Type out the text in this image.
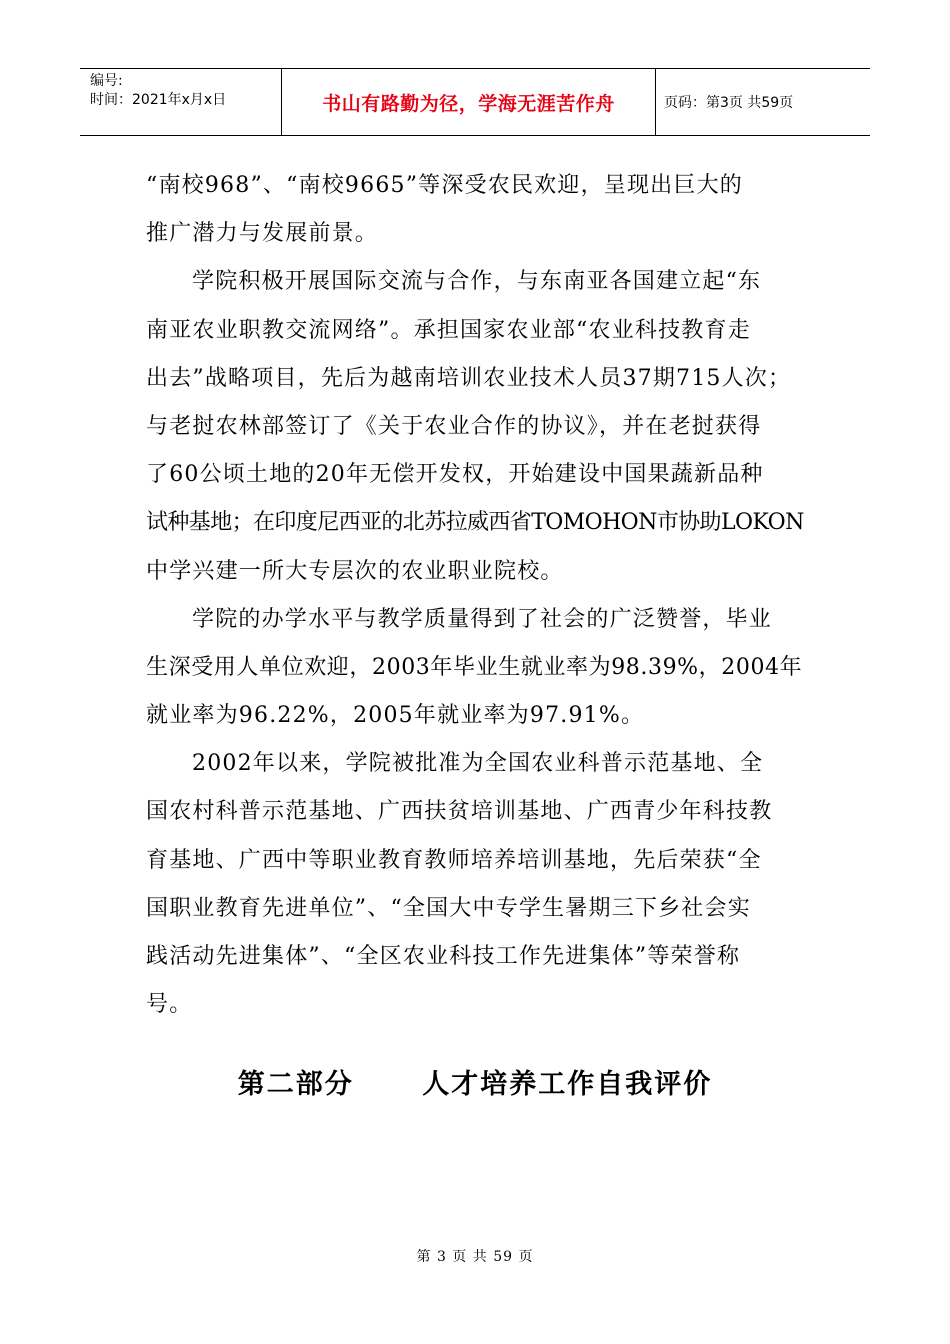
编号:
时间：2021年x月x日	书山有路勤为径，学海无涯苦作舟	页码：第3页 共59页
“南校968”、“南校9665”等深受农民欢迎，呈现出巨大的
推广潜力与发展前景。
学院积极开展国际交流与合作，与东南亚各国建立起“东
南亚农业职教交流网络”。承担国家农业部“农业科技教育走
出去”战略项目，先后为越南培训农业技术人员37期715人次；
与老挝农林部签订了《关于农业合作的协议》，并在老挝获得
了60公顷土地的20年无偿开发权，开始建设中国果蔬新品种
试种基地；在印度尼西亚的北苏拉威西省TOMOHON市协助LOKON
中学兴建一所大专层次的农业职业院校。
学院的办学水平与教学质量得到了社会的广泛赞誉，毕业
生深受用人单位欢迎，2003年毕业生就业率为98.39%，2004年
就业率为96.22%，2005年就业率为97.91%。
2002年以来，学院被批准为全国农业科普示范基地、全
国农村科普示范基地、广西扶贫培训基地、广西青少年科技教
育基地、广西中等职业教育教师培养培训基地，先后荣获“全
国职业教育先进单位”、“全国大中专学生暑期三下乡社会实
践活动先进集体”、“全区农业科技工作先进集体”等荣誉称
号。
第二部分      人才培养工作自我评价
第 3 页 共 59 页
